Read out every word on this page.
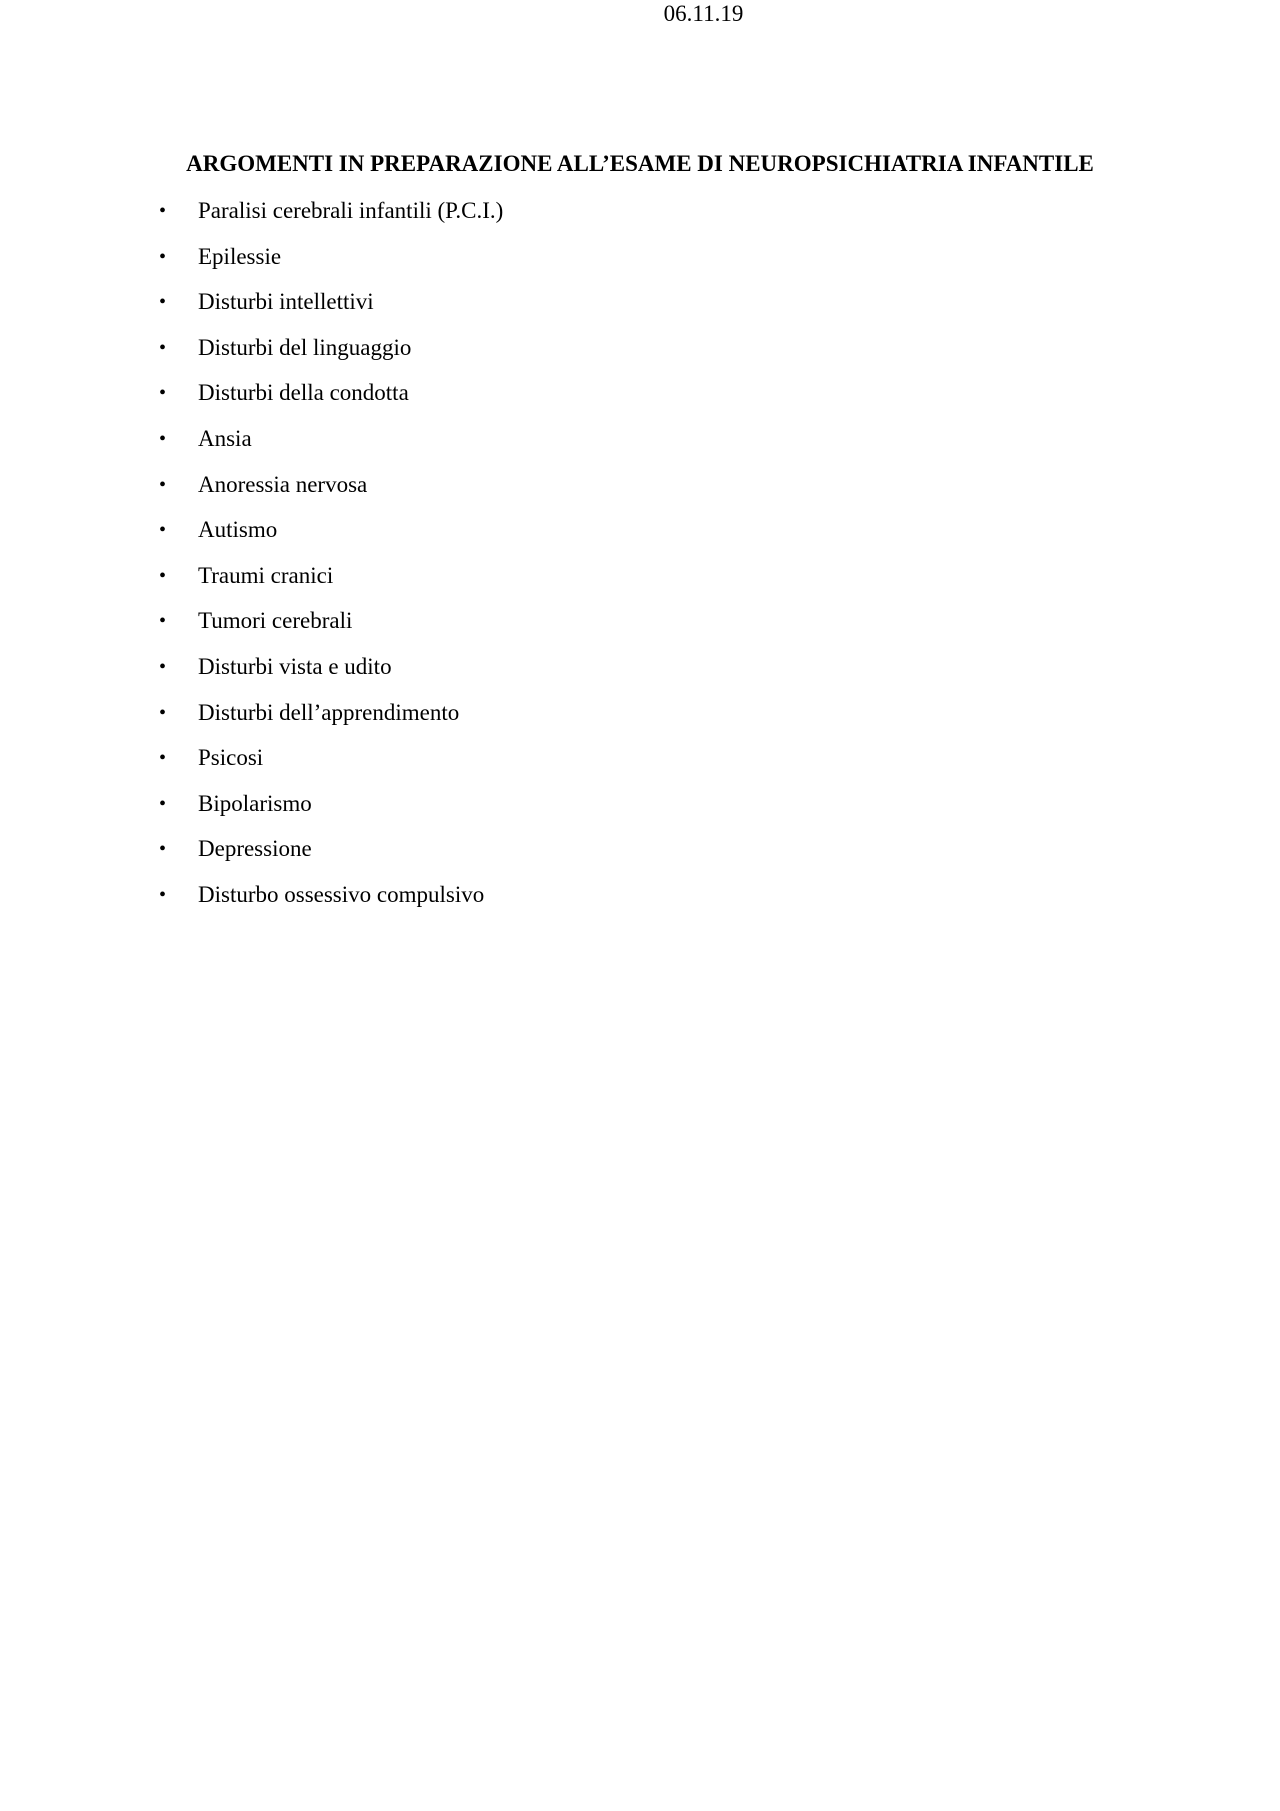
06.11.19
ARGOMENTI IN PREPARAZIONE ALL’ESAME DI NEUROPSICHIATRIA INFANTILE
• Paralisi cerebrali infantili (P.C.I.)
• Epilessie
• Disturbi intellettivi
• Disturbi del linguaggio
• Disturbi della condotta
• Ansia
• Anoressia nervosa
• Autismo
• Traumi cranici
• Tumori cerebrali
• Disturbi vista e udito
• Disturbi dell’apprendimento
• Psicosi
• Bipolarismo
• Depressione
• Disturbo ossessivo compulsivo
